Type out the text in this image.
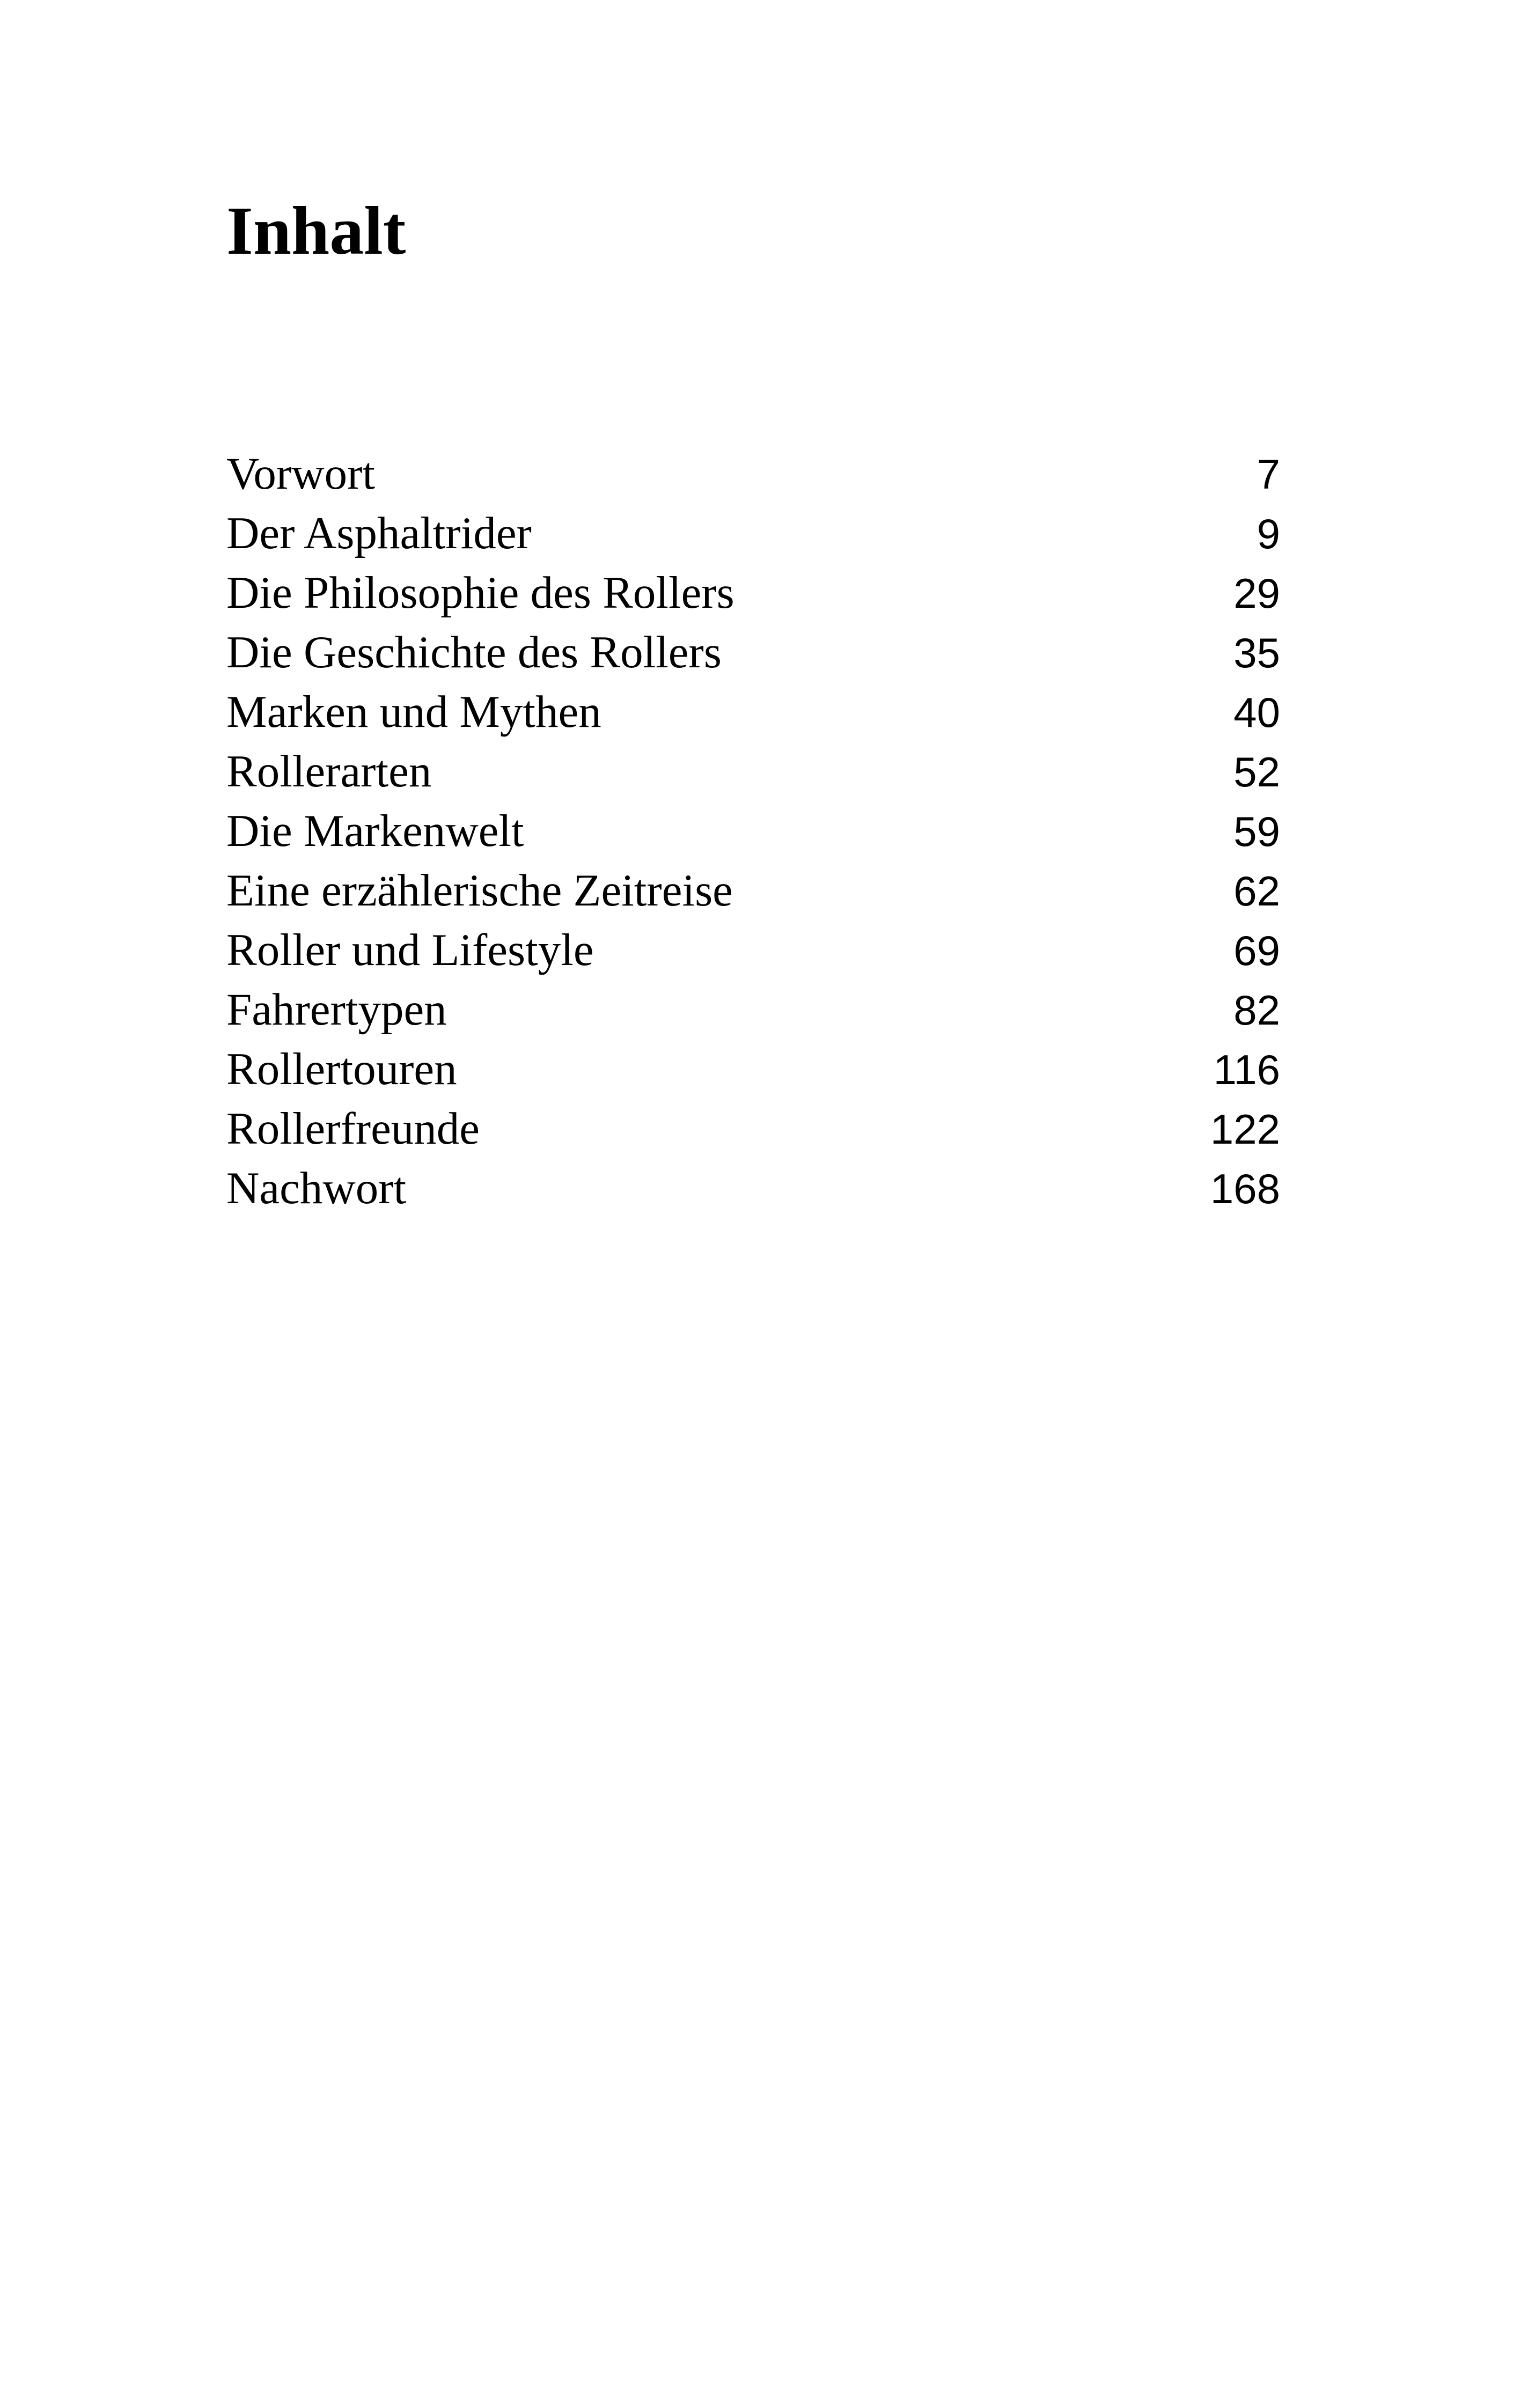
Inhalt
Vorwort	7
Der Asphaltrider	9
Die Philosophie des Rollers	29
Die Geschichte des Rollers	35
Marken und Mythen	40
Rollerarten	52
Die Markenwelt	59
Eine erzählerische Zeitreise	62
Roller und Lifestyle	69
Fahrertypen	82
Rollertouren	116
Rollerfreunde	122
Nachwort	168
